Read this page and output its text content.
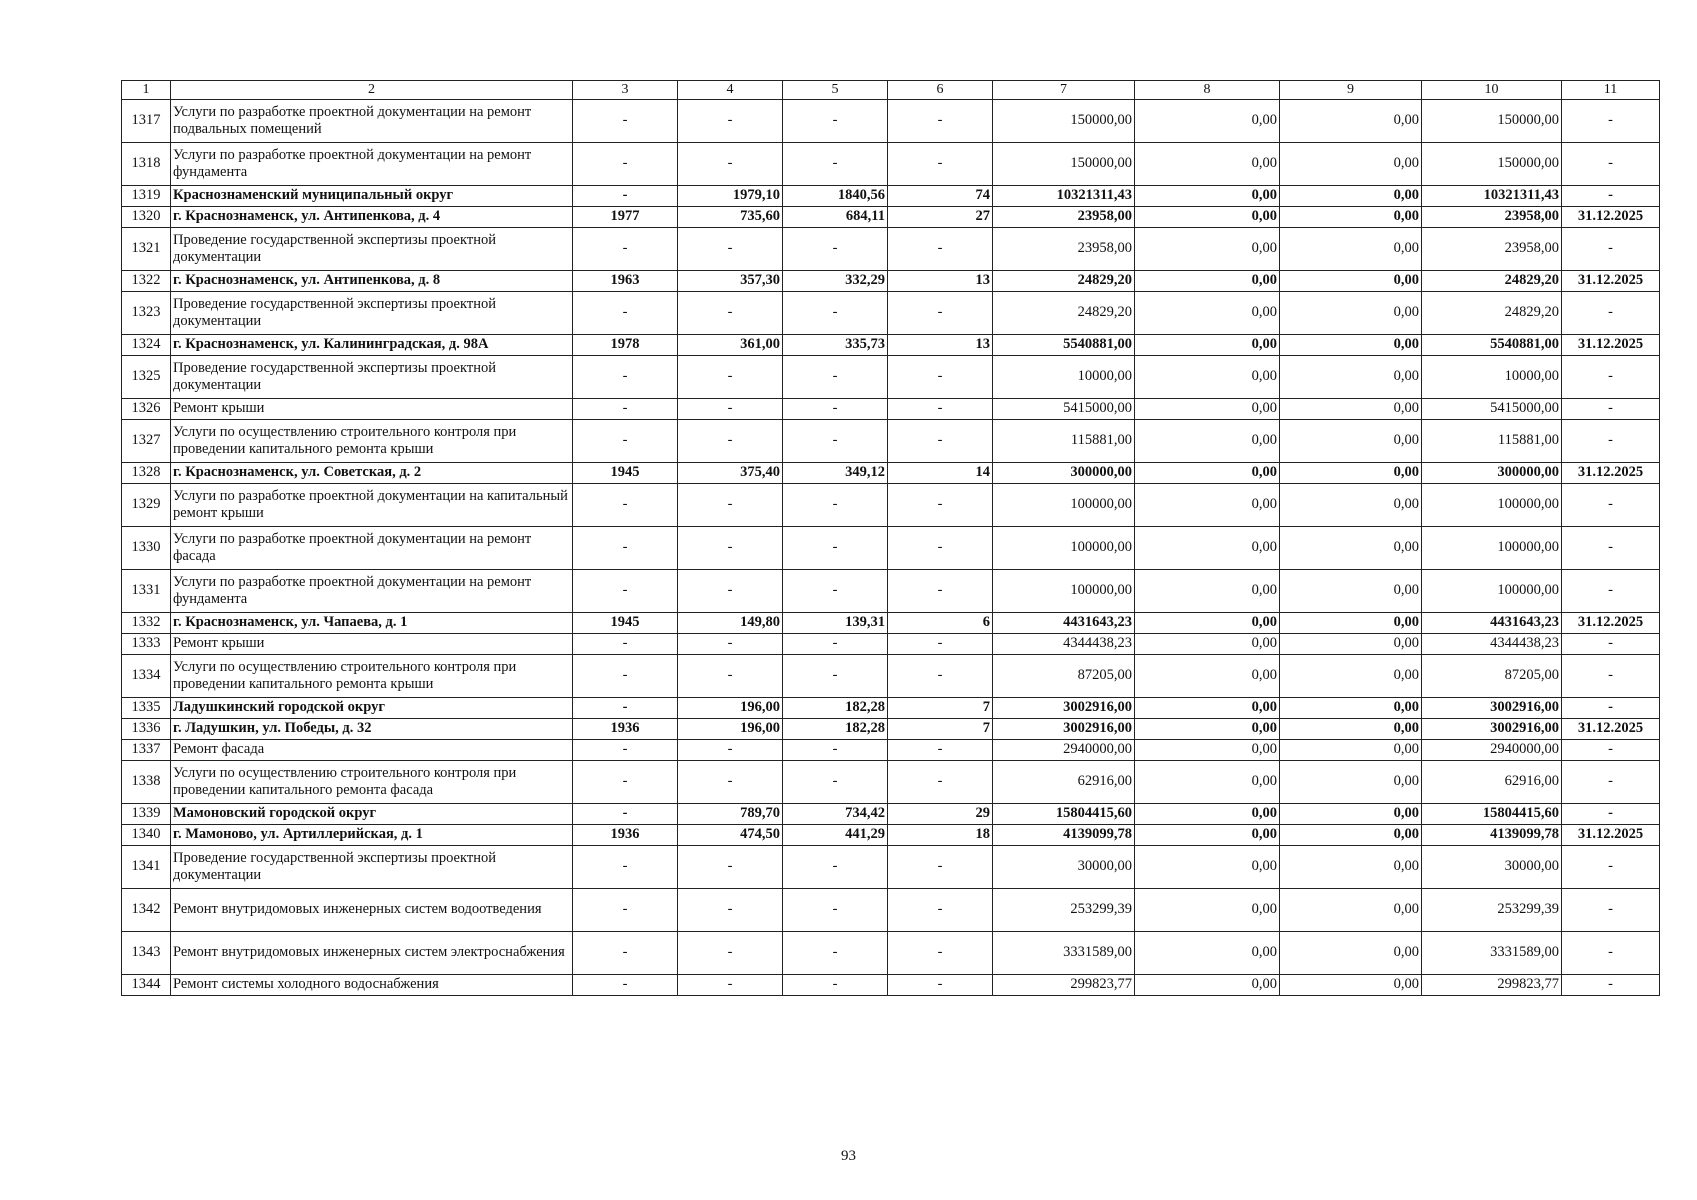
1	2	3	4	5	6	7	8	9	10	11
1317	Услуги по разработке проектной документации на ремонт подвальных помещений	-	-	-	-	150000,00	0,00	0,00	150000,00	-
1318	Услуги по разработке проектной документации на ремонт фундамента	-	-	-	-	150000,00	0,00	0,00	150000,00	-
1319	Краснознаменский муниципальный округ	-	1979,10	1840,56	74	10321311,43	0,00	0,00	10321311,43	-
1320	г. Краснознаменск, ул. Антипенкова, д. 4	1977	735,60	684,11	27	23958,00	0,00	0,00	23958,00	31.12.2025
1321	Проведение государственной экспертизы проектной документации	-	-	-	-	23958,00	0,00	0,00	23958,00	-
1322	г. Краснознаменск, ул. Антипенкова, д. 8	1963	357,30	332,29	13	24829,20	0,00	0,00	24829,20	31.12.2025
1323	Проведение государственной экспертизы проектной документации	-	-	-	-	24829,20	0,00	0,00	24829,20	-
1324	г. Краснознаменск, ул. Калининградская, д. 98А	1978	361,00	335,73	13	5540881,00	0,00	0,00	5540881,00	31.12.2025
1325	Проведение государственной экспертизы проектной документации	-	-	-	-	10000,00	0,00	0,00	10000,00	-
1326	Ремонт крыши	-	-	-	-	5415000,00	0,00	0,00	5415000,00	-
1327	Услуги по осуществлению строительного контроля при проведении капитального ремонта крыши	-	-	-	-	115881,00	0,00	0,00	115881,00	-
1328	г. Краснознаменск, ул. Советская, д. 2	1945	375,40	349,12	14	300000,00	0,00	0,00	300000,00	31.12.2025
1329	Услуги по разработке проектной документации на капитальный ремонт крыши	-	-	-	-	100000,00	0,00	0,00	100000,00	-
1330	Услуги по разработке проектной документации на ремонт фасада	-	-	-	-	100000,00	0,00	0,00	100000,00	-
1331	Услуги по разработке проектной документации на ремонт фундамента	-	-	-	-	100000,00	0,00	0,00	100000,00	-
1332	г. Краснознаменск, ул. Чапаева, д. 1	1945	149,80	139,31	6	4431643,23	0,00	0,00	4431643,23	31.12.2025
1333	Ремонт крыши	-	-	-	-	4344438,23	0,00	0,00	4344438,23	-
1334	Услуги по осуществлению строительного контроля при проведении капитального ремонта крыши	-	-	-	-	87205,00	0,00	0,00	87205,00	-
1335	Ладушкинский городской округ	-	196,00	182,28	7	3002916,00	0,00	0,00	3002916,00	-
1336	г. Ладушкин, ул. Победы, д. 32	1936	196,00	182,28	7	3002916,00	0,00	0,00	3002916,00	31.12.2025
1337	Ремонт фасада	-	-	-	-	2940000,00	0,00	0,00	2940000,00	-
1338	Услуги по осуществлению строительного контроля при проведении капитального ремонта фасада	-	-	-	-	62916,00	0,00	0,00	62916,00	-
1339	Мамоновский городской округ	-	789,70	734,42	29	15804415,60	0,00	0,00	15804415,60	-
1340	г. Мамоново, ул. Артиллерийская, д. 1	1936	474,50	441,29	18	4139099,78	0,00	0,00	4139099,78	31.12.2025
1341	Проведение государственной экспертизы проектной документации	-	-	-	-	30000,00	0,00	0,00	30000,00	-
1342	Ремонт внутридомовых инженерных систем водоотведения	-	-	-	-	253299,39	0,00	0,00	253299,39	-
1343	Ремонт внутридомовых инженерных систем электроснабжения	-	-	-	-	3331589,00	0,00	0,00	3331589,00	-
1344	Ремонт системы холодного водоснабжения	-	-	-	-	299823,77	0,00	0,00	299823,77	-
93
